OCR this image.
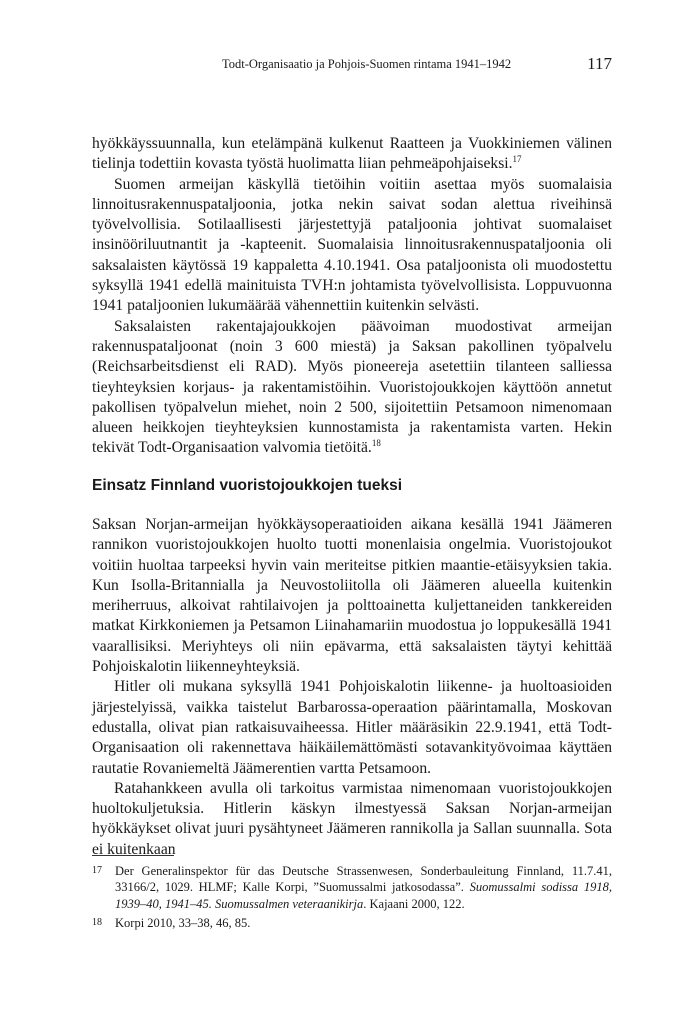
Todt-Organisaatio ja Pohjois-Suomen rintama 1941–1942	117

hyökkäyssuunnalla, kun etelämpänä kulkenut Raatteen ja Vuokkiniemen välinen tielinja todettiin kovasta työstä huolimatta liian pehmeäpohjaiseksi.$^{17}$

Suomen armeijan käskyllä tietöihin voitiin asettaa myös suomalaisia linnoitusrakennuspataljoonia, jotka nekin saivat sodan alettua riveihinsä työvelvollisia. Sotilaallisesti järjestettyjä pataljoonia johtivat suomalaiset insinööriluutnantit ja -kapteenit. Suomalaisia linnoitusrakennuspataljoonia oli saksalaisten käytössä 19 kappaletta 4.10.1941. Osa pataljoonista oli muodostettu syksyllä 1941 edellä mainituista TVH:n johtamista työvelvollisista. Loppuvuonna 1941 pataljoonien lukumäärää vähennettiin kuitenkin selvästi.

Saksalaisten rakentajajoukkojen päävoiman muodostivat armeijan rakennuspataljoonat (noin 3 600 miestä) ja Saksan pakollinen työpalvelu (Reichsarbeitsdienst eli RAD). Myös pioneereja asetettiin tilanteen salliessa tieyhteyksien korjaus- ja rakentamistöihin. Vuoristojoukkojen käyttöön annetut pakollisen työpalvelun miehet, noin 2 500, sijoitettiin Petsamoon nimenomaan alueen heikkojen tieyhteyksien kunnostamista ja rakentamista varten. Hekin tekivät Todt-Organisaation valvomia tietöitä.$^{18}$

Einsatz Finnland vuoristojoukkojen tueksi

Saksan Norjan-armeijan hyökkäysoperaatioiden aikana kesällä 1941 Jäämeren rannikon vuoristojoukkojen huolto tuotti monenlaisia ongelmia. Vuoristojoukot voitiin huoltaa tarpeeksi hyvin vain meriteitse pitkien maantie-etäisyyksien takia. Kun Isolla-Britannialla ja Neuvostoliitolla oli Jäämeren alueella kuitenkin meriherruus, alkoivat rahtilaivojen ja polttoainetta kuljettaneiden tankkereiden matkat Kirkkoniemen ja Petsamon Liinahamariin muodostua jo loppukesällä 1941 vaarallisiksi. Meriyhteys oli niin epävarma, että saksalaisten täytyi kehittää Pohjoiskalotin liikenneyhteyksiä.

Hitler oli mukana syksyllä 1941 Pohjoiskalotin liikenne- ja huoltoasioiden järjestelyissä, vaikka taistelut Barbarossa-operaation päärintamalla, Moskovan edustalla, olivat pian ratkaisuvaiheessa. Hitler määräsikin 22.9.1941, että Todt-Organisaation oli rakennettava häikäilemättömästi sotavankityövoimaa käyttäen rautatie Rovaniemeltä Jäämerentien vartta Petsamoon.

Ratahankkeen avulla oli tarkoitus varmistaa nimenomaan vuoristojoukkojen huoltokuljetuksia. Hitlerin käskyn ilmestyessä Saksan Norjan-armeijan hyökkäykset olivat juuri pysähtyneet Jäämeren rannikolla ja Sallan suunnalla. Sota ei kuitenkaan

17	Der Generalinspektor für das Deutsche Strassenwesen, Sonderbauleitung Finnland, 11.7.41, 33166/2, 1029. HLMF; Kalle Korpi, ”Suomussalmi jatkosodassa”. Suomussalmi sodissa 1918, 1939–40, 1941–45. Suomussalmen veteraanikirja. Kajaani 2000, 122.
18	Korpi 2010, 33–38, 46, 85.
